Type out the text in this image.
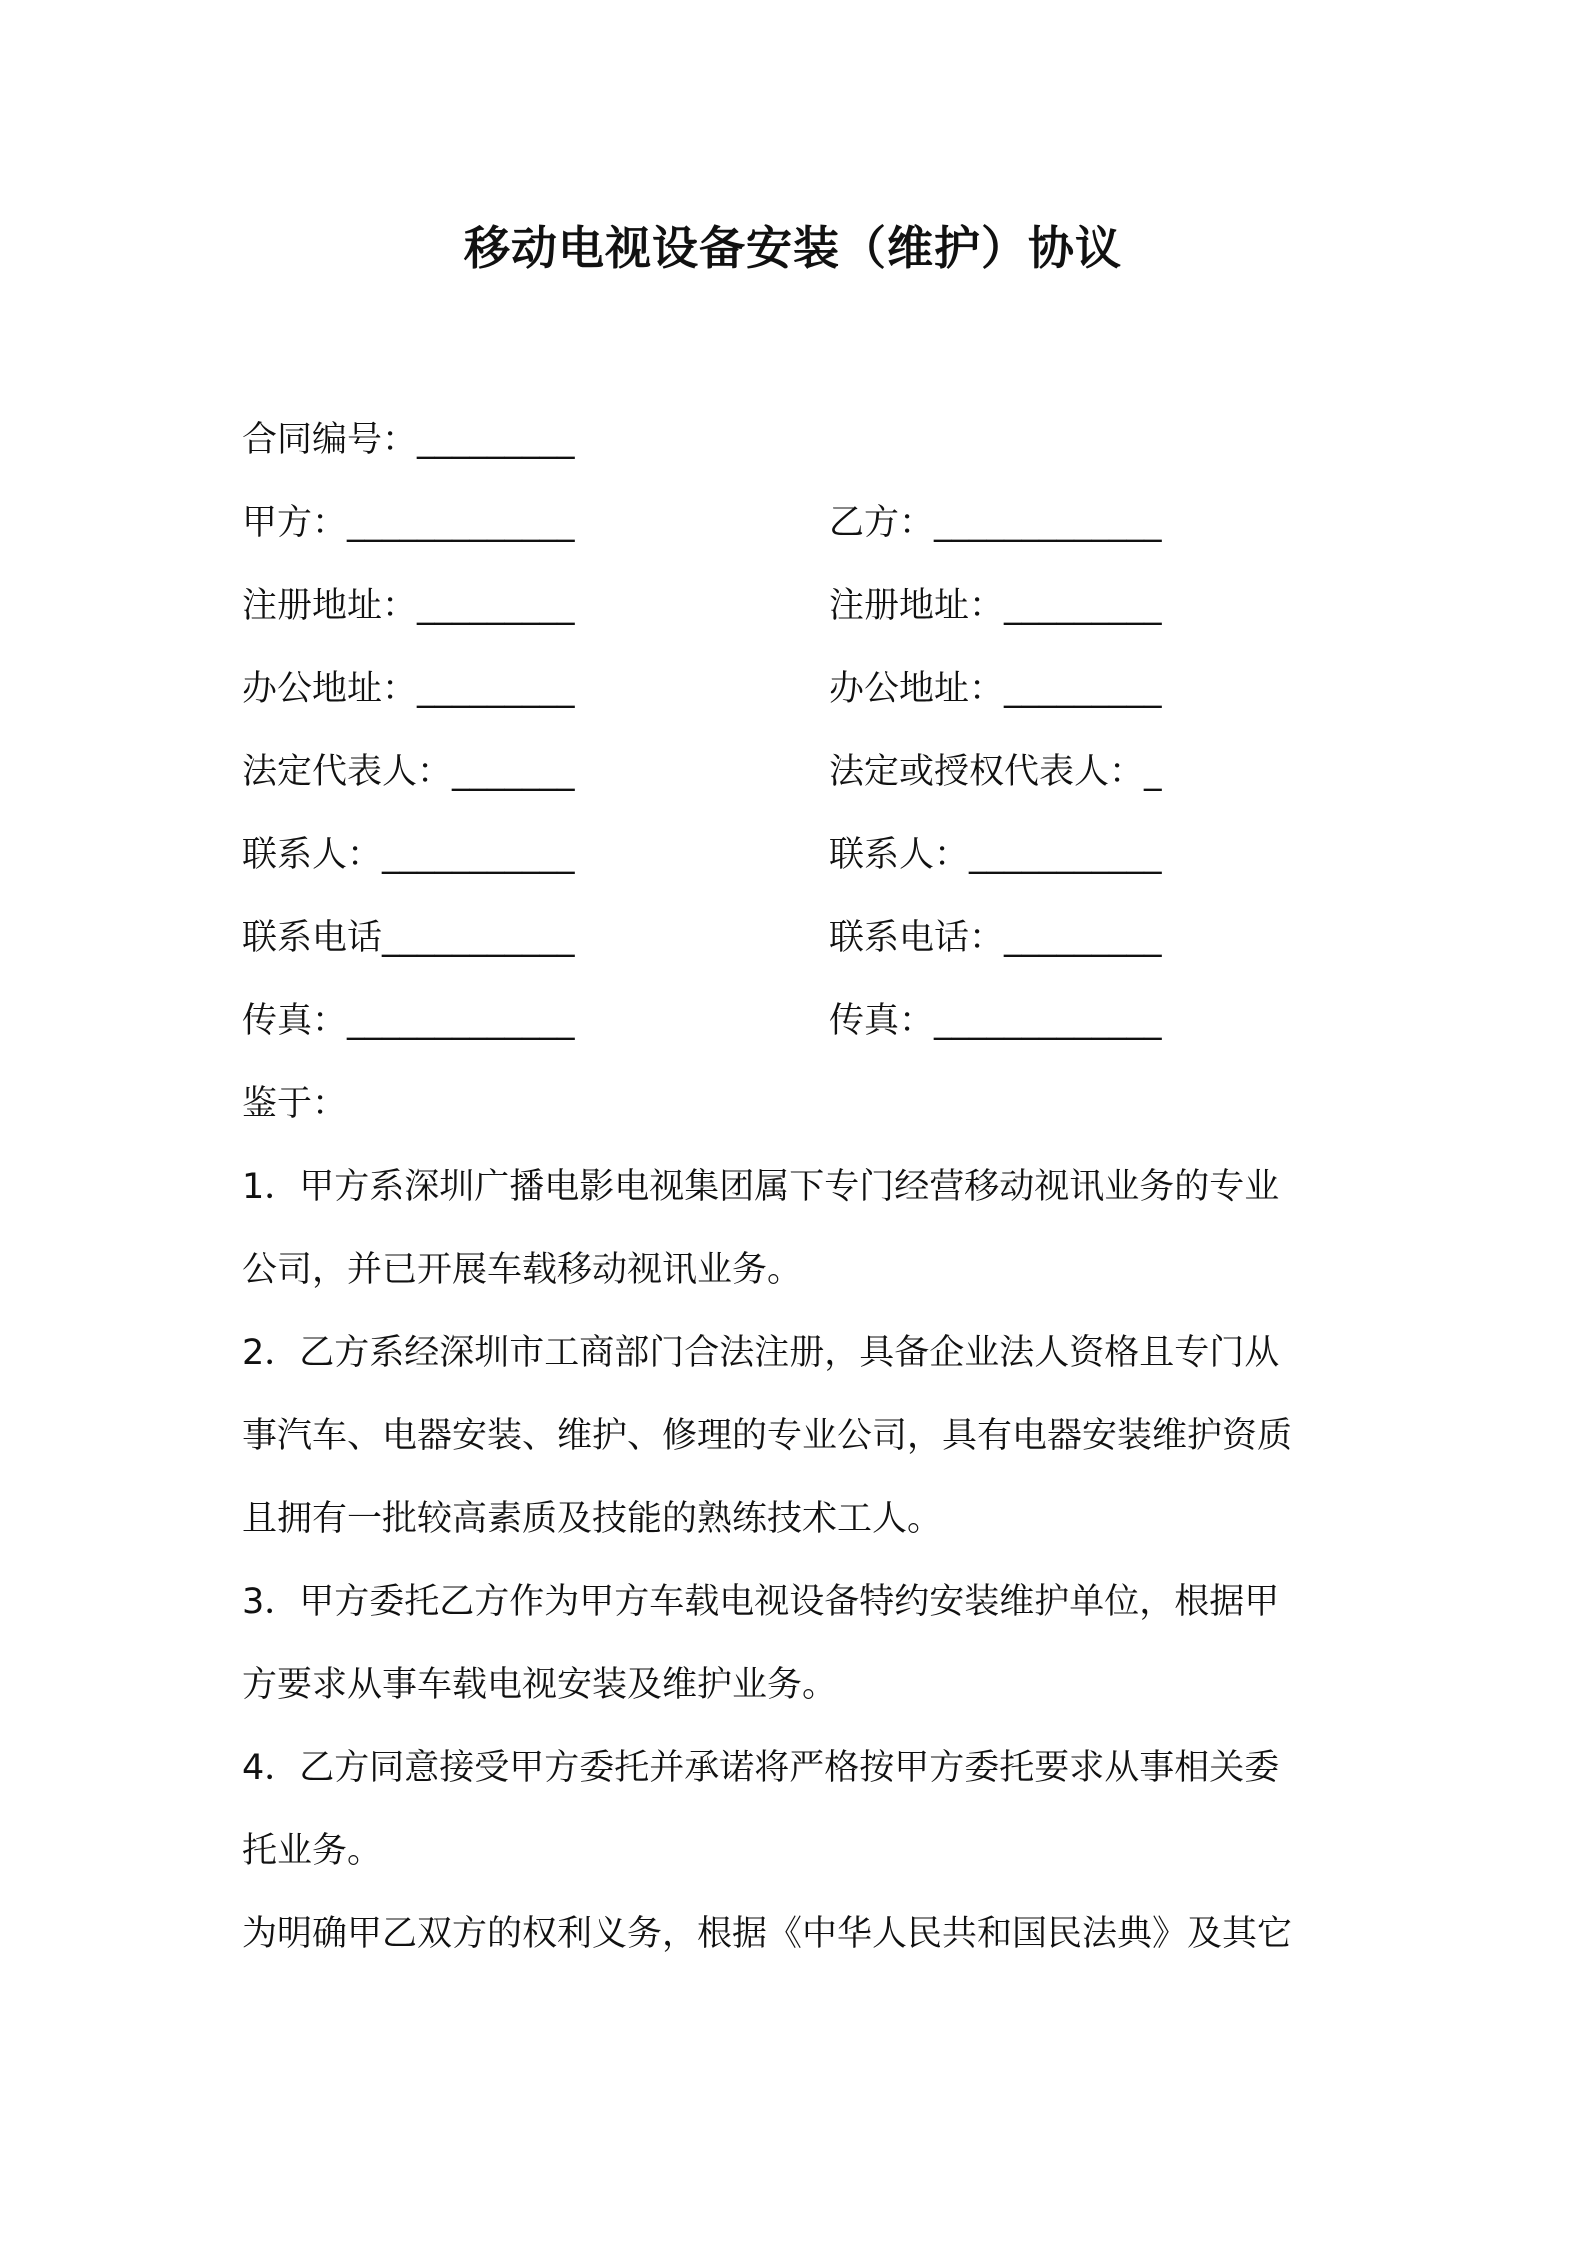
移动电视设备安装（维护）协议
合同编号：_________
甲方：_____________
注册地址：_________
办公地址：_________
法定代表人：_______
联系人：___________
联系电话___________
传真：_____________
乙方：_____________
注册地址：_________
办公地址：_________
法定或授权代表人：_
联系人：___________
联系电话：_________
传真：_____________
鉴于：
1．甲方系深圳广播电影电视集团属下专门经营移动视讯业务的专业
公司，并已开展车载移动视讯业务。
2．乙方系经深圳市工商部门合法注册，具备企业法人资格且专门从
事汽车、电器安装、维护、修理的专业公司，具有电器安装维护资质
且拥有一批较高素质及技能的熟练技术工人。
3．甲方委托乙方作为甲方车载电视设备特约安装维护单位，根据甲
方要求从事车载电视安装及维护业务。
4．乙方同意接受甲方委托并承诺将严格按甲方委托要求从事相关委
托业务。
为明确甲乙双方的权利义务，根据《中华人民共和国民法典》及其它
